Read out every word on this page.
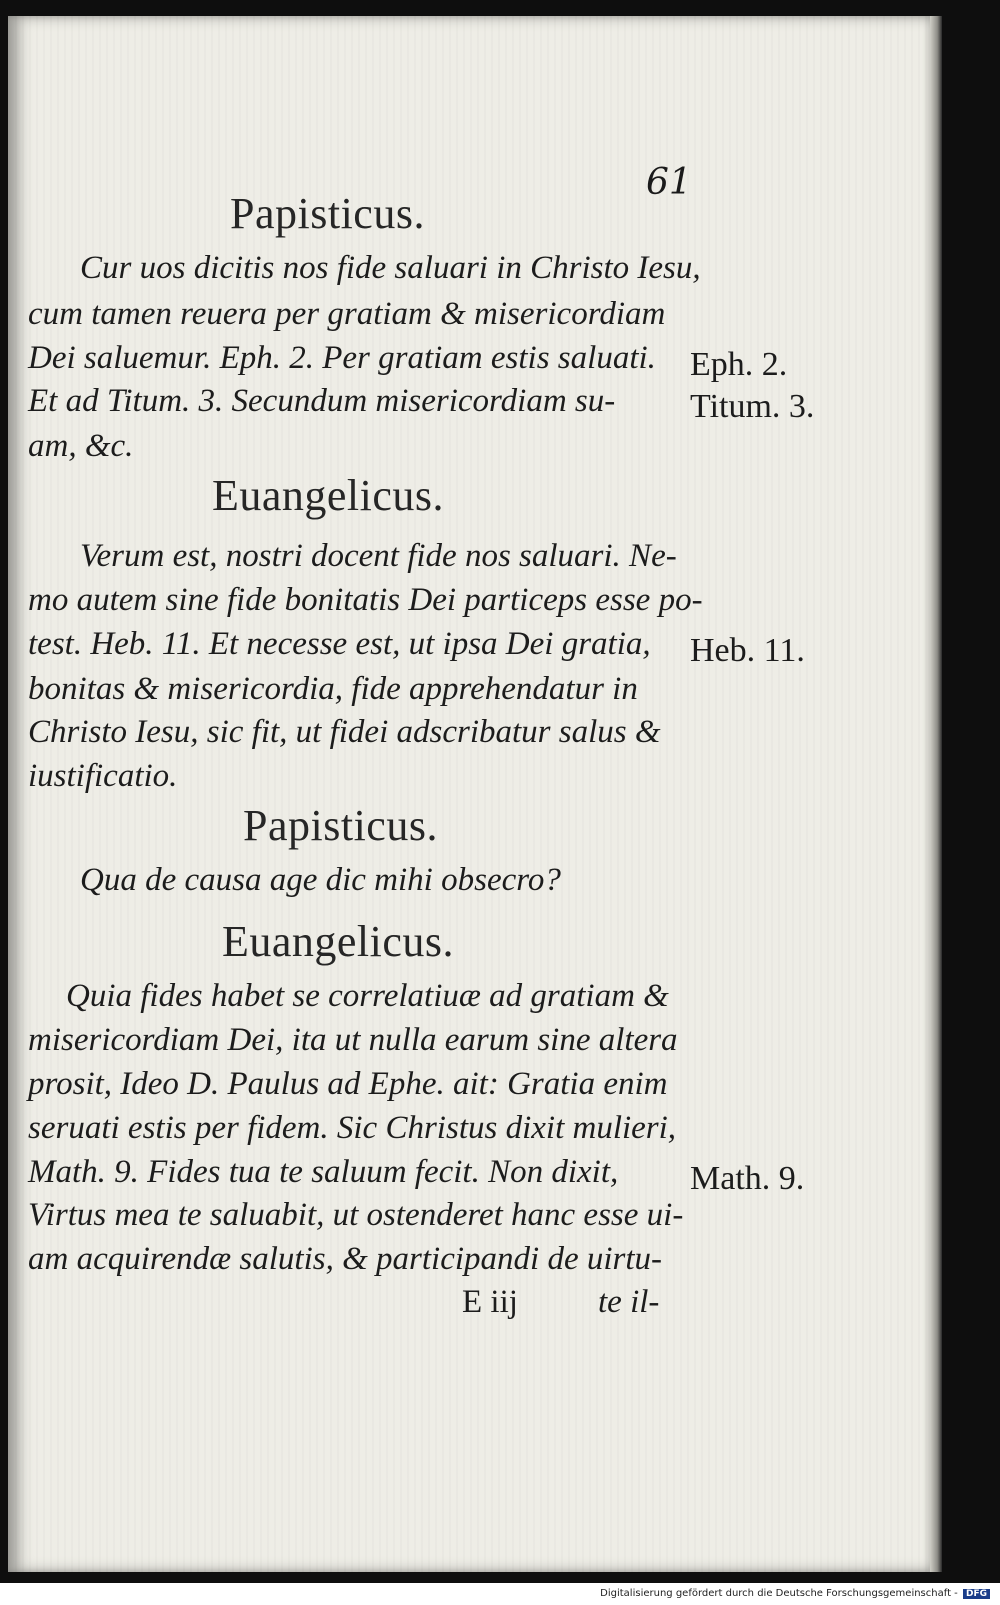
61
Papisticus.
Cur uos dicitis nos fide saluari in Christo Iesu,
cum tamen reuera per gratiam & misericordiam
Dei saluemur. Eph. 2. Per gratiam estis saluati.
Et ad Titum. 3. Secundum misericordiam su-
am, &c.
Eph. 2.
Titum. 3.
Euangelicus.
Verum est, nostri docent fide nos saluari. Ne-
mo autem sine fide bonitatis Dei particeps esse po-
test. Heb. 11. Et necesse est, ut ipsa Dei gratia,
bonitas & misericordia, fide apprehendatur in
Christo Iesu, sic fit, ut fidei adscribatur salus &
iustificatio.
Heb. 11.
Papisticus.
Qua de causa age dic mihi obsecro?
Euangelicus.
Quia fides habet se correlatiuæ ad gratiam &
misericordiam Dei, ita ut nulla earum sine altera
prosit, Ideo D. Paulus ad Ephe. ait: Gratia enim
seruati estis per fidem. Sic Christus dixit mulieri,
Math. 9. Fides tua te saluum fecit. Non dixit,
Virtus mea te saluabit, ut ostenderet hanc esse ui-
am acquirendæ salutis, & participandi de uirtu-
Math. 9.
E iij te il-
Digitalisierung gefördert durch die Deutsche Forschungsgemeinschaft - DFG
